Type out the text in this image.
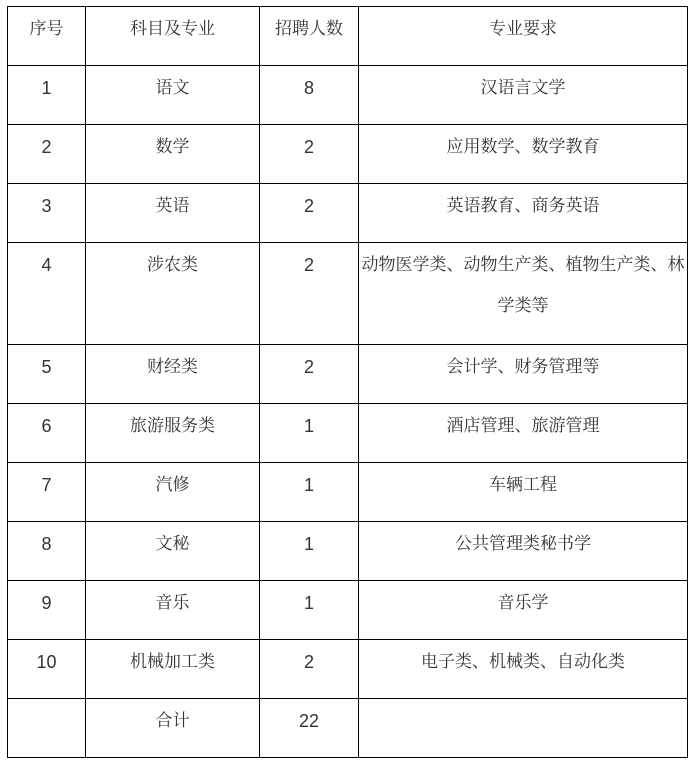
序号	科目及专业	招聘人数	专业要求

1	语文	8	汉语言文学

2	数学	2	应用数学、数学教育

3	英语	2	英语教育、商务英语

4	涉农类	2	动物医学类、动物生产类、植物生产类、林学类等

5	财经类	2	会计学、财务管理等

6	旅游服务类	1	酒店管理、旅游管理

7	汽修	1	车辆工程

8	文秘	1	公共管理类秘书学

9	音乐	1	音乐学

10	机械加工类	2	电子类、机械类、自动化类

	合计	22	
